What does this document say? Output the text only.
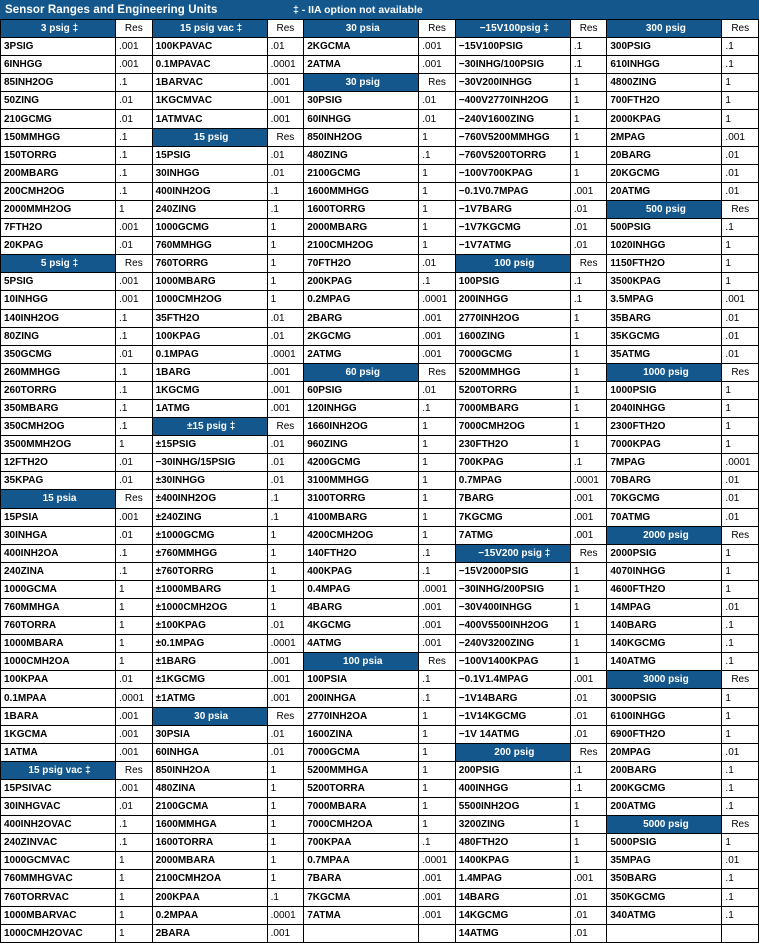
Sensor Ranges and Engineering Units	‡ - IIA option not available
3 psig ‡	Res	15 psig vac ‡	Res	30 psia	Res	−15V100psig ‡	Res	300 psig	Res
3PSIG	.001	100KPAVAC	.01	2KGCMA	.001	−15V100PSIG	.1	300PSIG	.1
6INHGG	.001	0.1MPAVAC	.0001	2ATMA	.001	−30INHG/100PSIG	.1	610INHGG	.1
85INH2OG	.1	1BARVAC	.001	30 psig	Res	−30V200INHGG	1	4800ZING	1
50ZING	.01	1KGCMVAC	.001	30PSIG	.01	−400V2770INH2OG	1	700FTH2O	1
210GCMG	.01	1ATMVAC	.001	60INHGG	.01	−240V1600ZING	1	2000KPAG	1
150MMHGG	.1	15 psig	Res	850INH2OG	1	−760V5200MMHGG	1	2MPAG	.001
150TORRG	.1	15PSIG	.01	480ZING	.1	−760V5200TORRG	1	20BARG	.01
200MBARG	.1	30INHGG	.01	2100GCMG	1	−100V700KPAG	1	20KGCMG	.01
200CMH2OG	.1	400INH2OG	.1	1600MMHGG	1	−0.1V0.7MPAG	.001	20ATMG	.01
2000MMH2OG	1	240ZING	.1	1600TORRG	1	−1V7BARG	.01	500 psig	Res
7FTH2O	.001	1000GCMG	1	2000MBARG	1	−1V7KGCMG	.01	500PSIG	.1
20KPAG	.01	760MMHGG	1	2100CMH2OG	1	−1V7ATMG	.01	1020INHGG	1
5 psig ‡	Res	760TORRG	1	70FTH2O	.01	100 psig	Res	1150FTH2O	1
5PSIG	.001	1000MBARG	1	200KPAG	.1	100PSIG	.1	3500KPAG	1
10INHGG	.001	1000CMH2OG	1	0.2MPAG	.0001	200INHGG	.1	3.5MPAG	.001
140INH2OG	.1	35FTH2O	.01	2BARG	.001	2770INH2OG	1	35BARG	.01
80ZING	.1	100KPAG	.01	2KGCMG	.001	1600ZING	1	35KGCMG	.01
350GCMG	.01	0.1MPAG	.0001	2ATMG	.001	7000GCMG	1	35ATMG	.01
260MMHGG	.1	1BARG	.001	60 psig	Res	5200MMHGG	1	1000 psig	Res
260TORRG	.1	1KGCMG	.001	60PSIG	.01	5200TORRG	1	1000PSIG	1
350MBARG	.1	1ATMG	.001	120INHGG	.1	7000MBARG	1	2040INHGG	1
350CMH2OG	.1	±15 psig ‡	Res	1660INH2OG	1	7000CMH2OG	1	2300FTH2O	1
3500MMH2OG	1	±15PSIG	.01	960ZING	1	230FTH2O	1	7000KPAG	1
12FTH2O	.01	−30INHG/15PSIG	.01	4200GCMG	1	700KPAG	.1	7MPAG	.0001
35KPAG	.01	±30INHGG	.01	3100MMHGG	1	0.7MPAG	.0001	70BARG	.01
15 psia	Res	±400INH2OG	.1	3100TORRG	1	7BARG	.001	70KGCMG	.01
15PSIA	.001	±240ZING	.1	4100MBARG	1	7KGCMG	.001	70ATMG	.01
30INHGA	.01	±1000GCMG	1	4200CMH2OG	1	7ATMG	.001	2000 psig	Res
400INH2OA	.1	±760MMHGG	1	140FTH2O	.1	−15V200 psig ‡	Res	2000PSIG	1
240ZINA	.1	±760TORRG	1	400KPAG	.1	−15V2000PSIG	1	4070INHGG	1
1000GCMA	1	±1000MBARG	1	0.4MPAG	.0001	−30INHG/200PSIG	1	4600FTH2O	1
760MMHGA	1	±1000CMH2OG	1	4BARG	.001	−30V400INHGG	1	14MPAG	.01
760TORRA	1	±100KPAG	.01	4KGCMG	.001	−400V5500INH2OG	1	140BARG	.1
1000MBARA	1	±0.1MPAG	.0001	4ATMG	.001	−240V3200ZING	1	140KGCMG	.1
1000CMH2OA	1	±1BARG	.001	100 psia	Res	−100V1400KPAG	1	140ATMG	.1
100KPAA	.01	±1KGCMG	.001	100PSIA	.1	−0.1V1.4MPAG	.001	3000 psig	Res
0.1MPAA	.0001	±1ATMG	.001	200INHGA	.1	−1V14BARG	.01	3000PSIG	1
1BARA	.001	30 psia	Res	2770INH2OA	1	−1V14KGCMG	.01	6100INHGG	1
1KGCMA	.001	30PSIA	.01	1600ZINA	1	−1V 14ATMG	.01	6900FTH2O	1
1ATMA	.001	60INHGA	.01	7000GCMA	1	200 psig	Res	20MPAG	.01
15 psig vac ‡	Res	850INH2OA	1	5200MMHGA	1	200PSIG	.1	200BARG	.1
15PSIVAC	.001	480ZINA	1	5200TORRA	1	400INHGG	.1	200KGCMG	.1
30INHGVAC	.01	2100GCMA	1	7000MBARA	1	5500INH2OG	1	200ATMG	.1
400INH2OVAC	.1	1600MMHGA	1	7000CMH2OA	1	3200ZING	1	5000 psig	Res
240ZINVAC	.1	1600TORRA	1	700KPAA	.1	480FTH2O	1	5000PSIG	1
1000GCMVAC	1	2000MBARA	1	0.7MPAA	.0001	1400KPAG	1	35MPAG	.01
760MMHGVAC	1	2100CMH2OA	1	7BARA	.001	1.4MPAG	.001	350BARG	.1
760TORRVAC	1	200KPAA	.1	7KGCMA	.001	14BARG	.01	350KGCMG	.1
1000MBARVAC	1	0.2MPAA	.0001	7ATMA	.001	14KGCMG	.01	340ATMG	.1
1000CMH2OVAC	1	2BARA	.001			14ATMG	.01		
